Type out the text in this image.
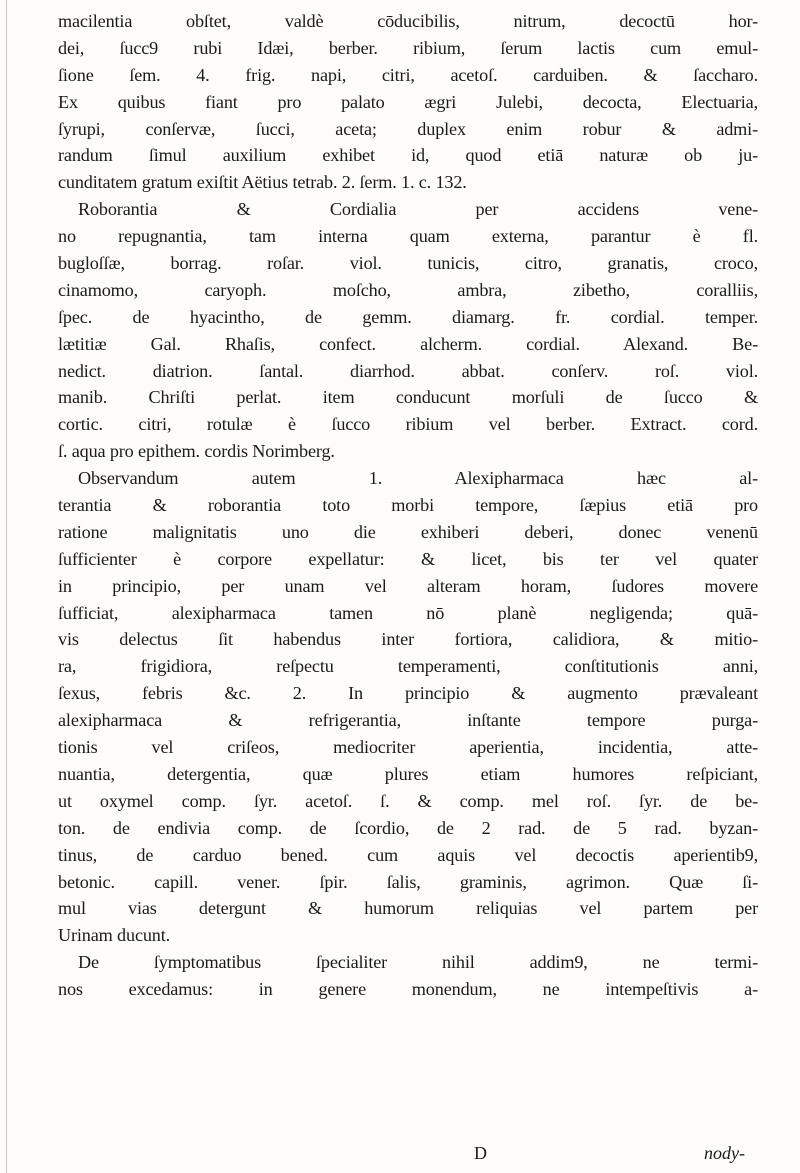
macilentia obſtet, valdè cōducibilis, nitrum, decoctū hor-
dei, ſucc9 rubi Idæi, berber. ribium, ſerum lactis cum emul-
ſione ſem. 4. frig. napi, citri, acetoſ. carduiben. & ſaccharo.
Ex quibus fiant pro palato ægri Julebi, decocta, Electuaria,
ſyrupi, conſervæ, ſucci, aceta; duplex enim robur & admi-
randum ſimul auxilium exhibet id, quod etiā naturæ ob ju-
cunditatem gratum exiſtit Aëtius tetrab. 2. ſerm. 1. c. 132.
Roborantia & Cordialia per accidens vene-
no repugnantia, tam interna quam externa, parantur è fl.
bugloſſæ, borrag. roſar. viol. tunicis, citro, granatis, croco,
cinamomo, caryoph. moſcho, ambra, zibetho, coralliis,
ſpec. de hyacintho, de gemm. diamarg. fr. cordial. temper.
lætitiæ Gal. Rhaſis, confect. alcherm. cordial. Alexand. Be-
nedict. diatrion. ſantal. diarrhod. abbat. conſerv. roſ. viol.
manib. Chriſti perlat. item conducunt morſuli de ſucco &
cortic. citri, rotulæ è ſucco ribium vel berber. Extract. cord.
ſ. aqua pro epithem. cordis Norimberg.
Observandum autem 1. Alexipharmaca hæc al-
terantia & roborantia toto morbi tempore, ſæpius etiā pro
ratione malignitatis uno die exhiberi deberi, donec venenū
ſufficienter è corpore expellatur: & licet, bis ter vel quater
in principio, per unam vel alteram horam, ſudores movere
ſufficiat, alexipharmaca tamen nō planè negligenda; quā-
vis delectus ſit habendus inter fortiora, calidiora, & mitio-
ra, frigidiora, reſpectu temperamenti, conſtitutionis anni,
ſexus, febris &c. 2. In principio & augmento prævaleant
alexipharmaca & refrigerantia, inſtante tempore purga-
tionis vel criſeos, mediocriter aperientia, incidentia, atte-
nuantia, detergentia, quæ plures etiam humores reſpiciant,
ut oxymel comp. ſyr. acetoſ. ſ. & comp. mel roſ. ſyr. de be-
ton. de endivia comp. de ſcordio, de 2 rad. de 5 rad. byzan-
tinus, de carduo bened. cum aquis vel decoctis aperientib9,
betonic. capill. vener. ſpir. ſalis, graminis, agrimon. Quæ ſi-
mul vias detergunt & humorum reliquias vel partem per
Urinam ducunt.
De ſymptomatibus ſpecialiter nihil addim9, ne termi-
nos excedamus: in genere monendum, ne intempeſtivis a-
D	nody-
